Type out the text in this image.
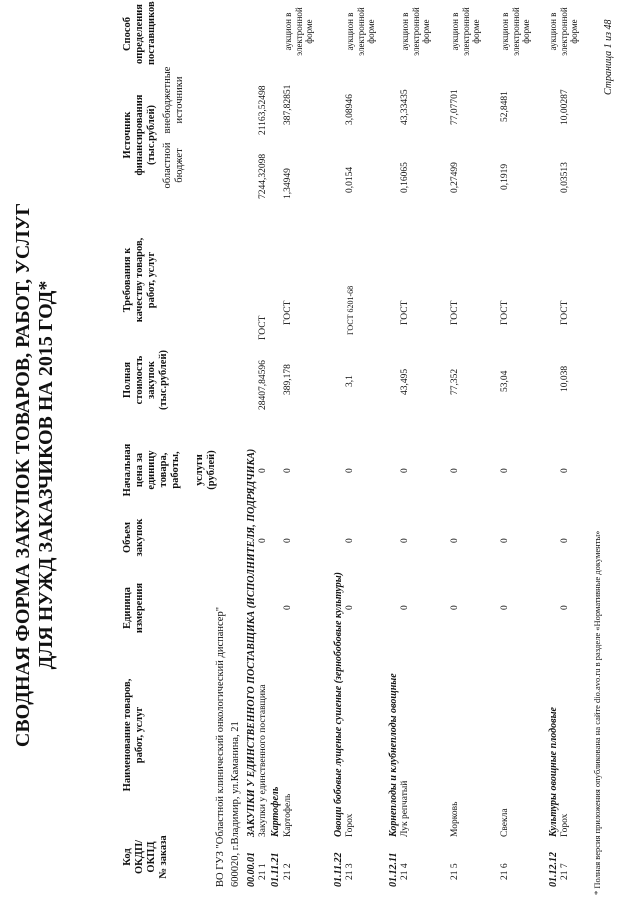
СВОДНАЯ ФОРМА ЗАКУПОК ТОВАРОВ, РАБОТ, УСЛУГ ДЛЯ НУЖД ЗАКАЗЧИКОВ НА 2015 ГОД*
Код ОКДП/ ОКПД № заказа
Наименование товаров, работ, услуг
Единица измерения
Объем закупок
Начальная цена за единицу товара, работы,
услуги (рублей)
Полная стоимость закупок (тыс.рублей)
Требования к качеству товаров, работ, услуг
Источник финансирования (тыс.рублей)
областной бюджет
внебюджетные источники
Способ определения поставщиков
ВО ГУЗ "Областной клинический онкологический диспансер" 600020, г.Владимир, ул.Каманина, 21 00.00.01
ЗАКУПКИ У ЕДИНСТВЕННОГО ПОСТАВЩИКА (ИСПОЛНИТЕЛЯ, ПОДРЯДЧИКА)
21 1
Закупки у единственного поставщика
0
0
28407,84596
ГОСТ
7244,32098
21163,52498
01.11.21
Картофель
21 2
Картофель
0
0
0
389,178
ГОСТ
1,34949
387,82851
аукцион в электронной форме
01.11.22
Овощи бобовые лущеные сушеные (зернобобовые культуры)
21 3
Горох
0
0
0
3,1
ГОСТ 6201-68
0,0154
3,08946
аукцион в электронной форме
01.12.11
Корнеплоды и клубнеплоды овощные
21 4
Лук репчатый
0
0
0
43,495
ГОСТ
0,16065
43,33435
аукцион в электронной форме
21 5
Морковь
0
0
0
77,352
ГОСТ
0,27499
77,07701
аукцион в электронной форме
21 6
Свекла
0
0
0
53,04
ГОСТ
0,1919
52,8481
аукцион в электронной форме
01.12.12
Культуры овощные плодовые
21 7
Горох
0
0
0
10,038
ГОСТ
0,03513
10,00287
аукцион в электронной форме
* Полная версия приложения опубликована на сайте dio.avo.ru в разделе «Нормативные документы»
Страница 1 из 48
